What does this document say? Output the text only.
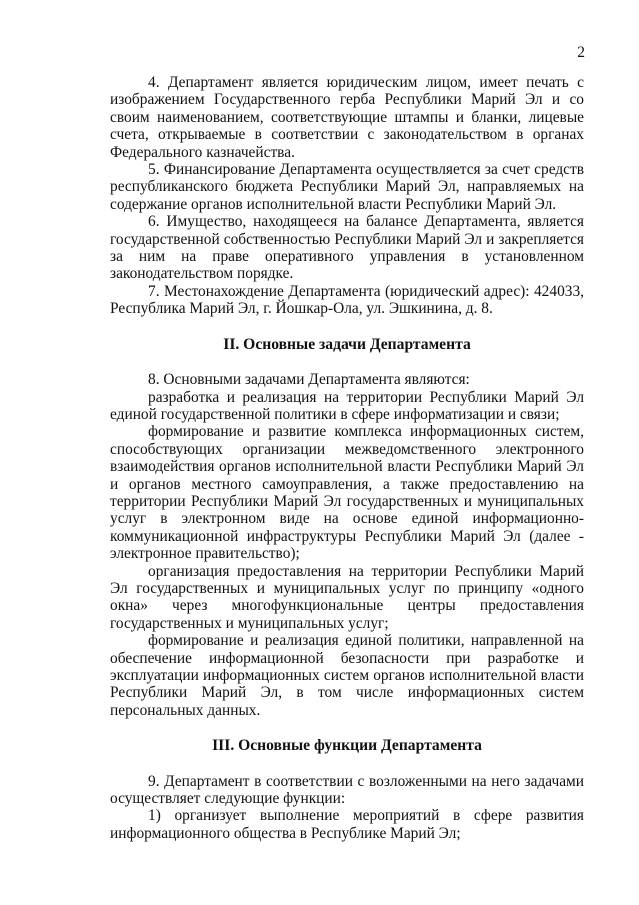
2

4. Департамент является юридическим лицом, имеет печать с изображением Государственного герба Республики Марий Эл и со своим наименованием, соответствующие штампы и бланки, лицевые счета, открываемые в соответствии с законодательством в органах Федерального казначейства.

5. Финансирование Департамента осуществляется за счет средств республиканского бюджета Республики Марий Эл, направляемых на содержание органов исполнительной власти Республики Марий Эл.

6. Имущество, находящееся на балансе Департамента, является государственной собственностью Республики Марий Эл и закрепляется за ним на праве оперативного управления в установленном законодательством порядке.

7. Местонахождение Департамента (юридический адрес): 424033, Республика Марий Эл, г. Йошкар-Ола, ул. Эшкинина, д. 8.

II. Основные задачи Департамента

8. Основными задачами Департамента являются:

разработка и реализация на территории Республики Марий Эл единой государственной политики в сфере информатизации и связи;

формирование и развитие комплекса информационных систем, способствующих организации межведомственного электронного взаимодействия органов исполнительной власти Республики Марий Эл и органов местного самоуправления, а также предоставлению на территории Республики Марий Эл государственных и муниципальных услуг в электронном виде на основе единой информационно-коммуникационной инфраструктуры Республики Марий Эл (далее - электронное правительство);

организация предоставления на территории Республики Марий Эл государственных и муниципальных услуг по принципу «одного окна» через многофункциональные центры предоставления государственных и муниципальных услуг;

формирование и реализация единой политики, направленной на обеспечение информационной безопасности при разработке и эксплуатации информационных систем органов исполнительной власти Республики Марий Эл, в том числе информационных систем персональных данных.

III. Основные функции Департамента

9. Департамент в соответствии с возложенными на него задачами осуществляет следующие функции:

1) организует выполнение мероприятий в сфере развития информационного общества в Республике Марий Эл;
